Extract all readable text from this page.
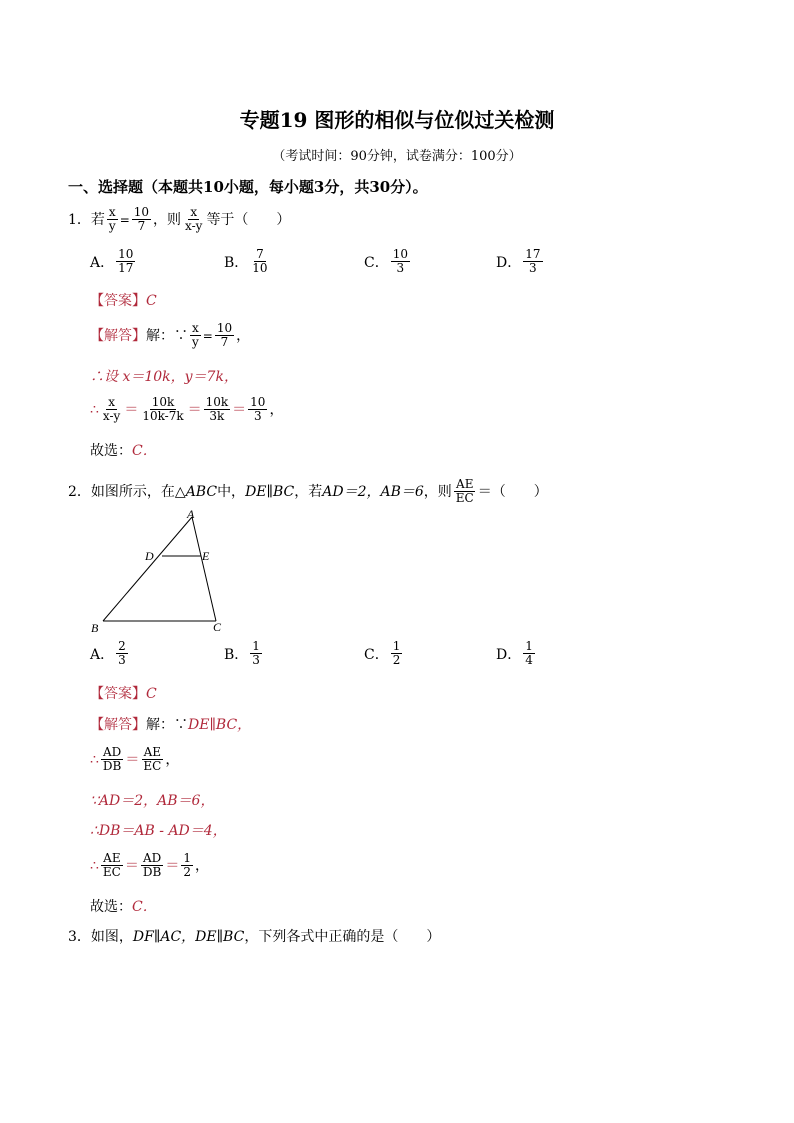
专题19 图形的相似与位似过关检测
（考试时间：90分钟，试卷满分：100分）
一、选择题（本题共10小题，每小题3分，共30分）。
1．若 $\frac{x}{y} = \frac{10}{7}$ ，则 $\frac{x}{x-y}$ 等于（　　）
A． $\frac{10}{17}$	B． $\frac{7}{10}$	C． $\frac{10}{3}$	D． $\frac{17}{3}$
【答案】 C
【解答】 解：∵ $\frac{x}{y} = \frac{10}{7}$ ，
∴设 x＝10k，y＝7k，
∴ $\frac{x}{x-y} = \frac{10k}{10k-7k} = \frac{10k}{3k} = \frac{10}{3}$ ，
故选： C．
2．如图所示，在△ ABC 中， DE∥BC ，若 AD＝2，AB＝6 ，则 $\frac{AE}{EC}$ ＝（　　）
A
D	E
B	C
A． $\frac{2}{3}$	B． $\frac{1}{3}$	C． $\frac{1}{2}$	D． $\frac{1}{4}$
【答案】 C
【解答】 解：∵ DE∥BC，
∴ $\frac{AD}{DB} = \frac{AE}{EC}$ ，
∵AD＝2，AB＝6，
∴DB＝AB - AD＝4，
∴ $\frac{AE}{EC} = \frac{AD}{DB} = \frac{1}{2}$ ，
故选： C．
3．如图， DF∥AC，DE∥BC ，下列各式中正确的是（　　）
